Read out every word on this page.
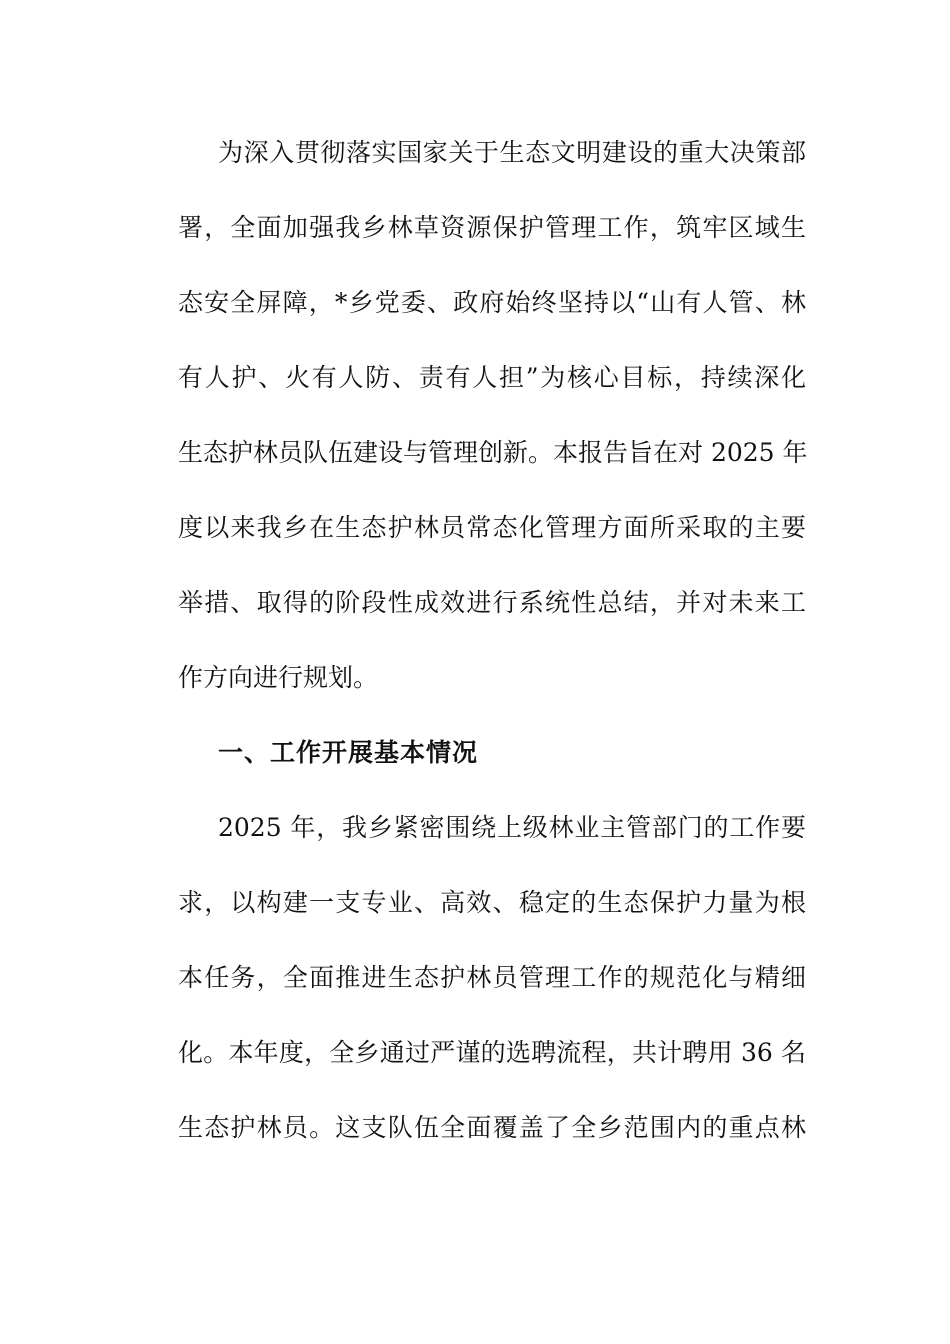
为深入贯彻落实国家关于生态文明建设的重大决策部
署，全面加强我乡林草资源保护管理工作，筑牢区域生
态安全屏障，*乡党委、政府始终坚持以“山有人管、林
有人护、火有人防、责有人担”为核心目标，持续深化
生态护林员队伍建设与管理创新。本报告旨在对 2025 年
度以来我乡在生态护林员常态化管理方面所采取的主要
举措、取得的阶段性成效进行系统性总结，并对未来工
作方向进行规划。
一、工作开展基本情况
2025 年，我乡紧密围绕上级林业主管部门的工作要
求，以构建一支专业、高效、稳定的生态保护力量为根
本任务，全面推进生态护林员管理工作的规范化与精细
化。本年度，全乡通过严谨的选聘流程，共计聘用 36 名
生态护林员。这支队伍全面覆盖了全乡范围内的重点林
